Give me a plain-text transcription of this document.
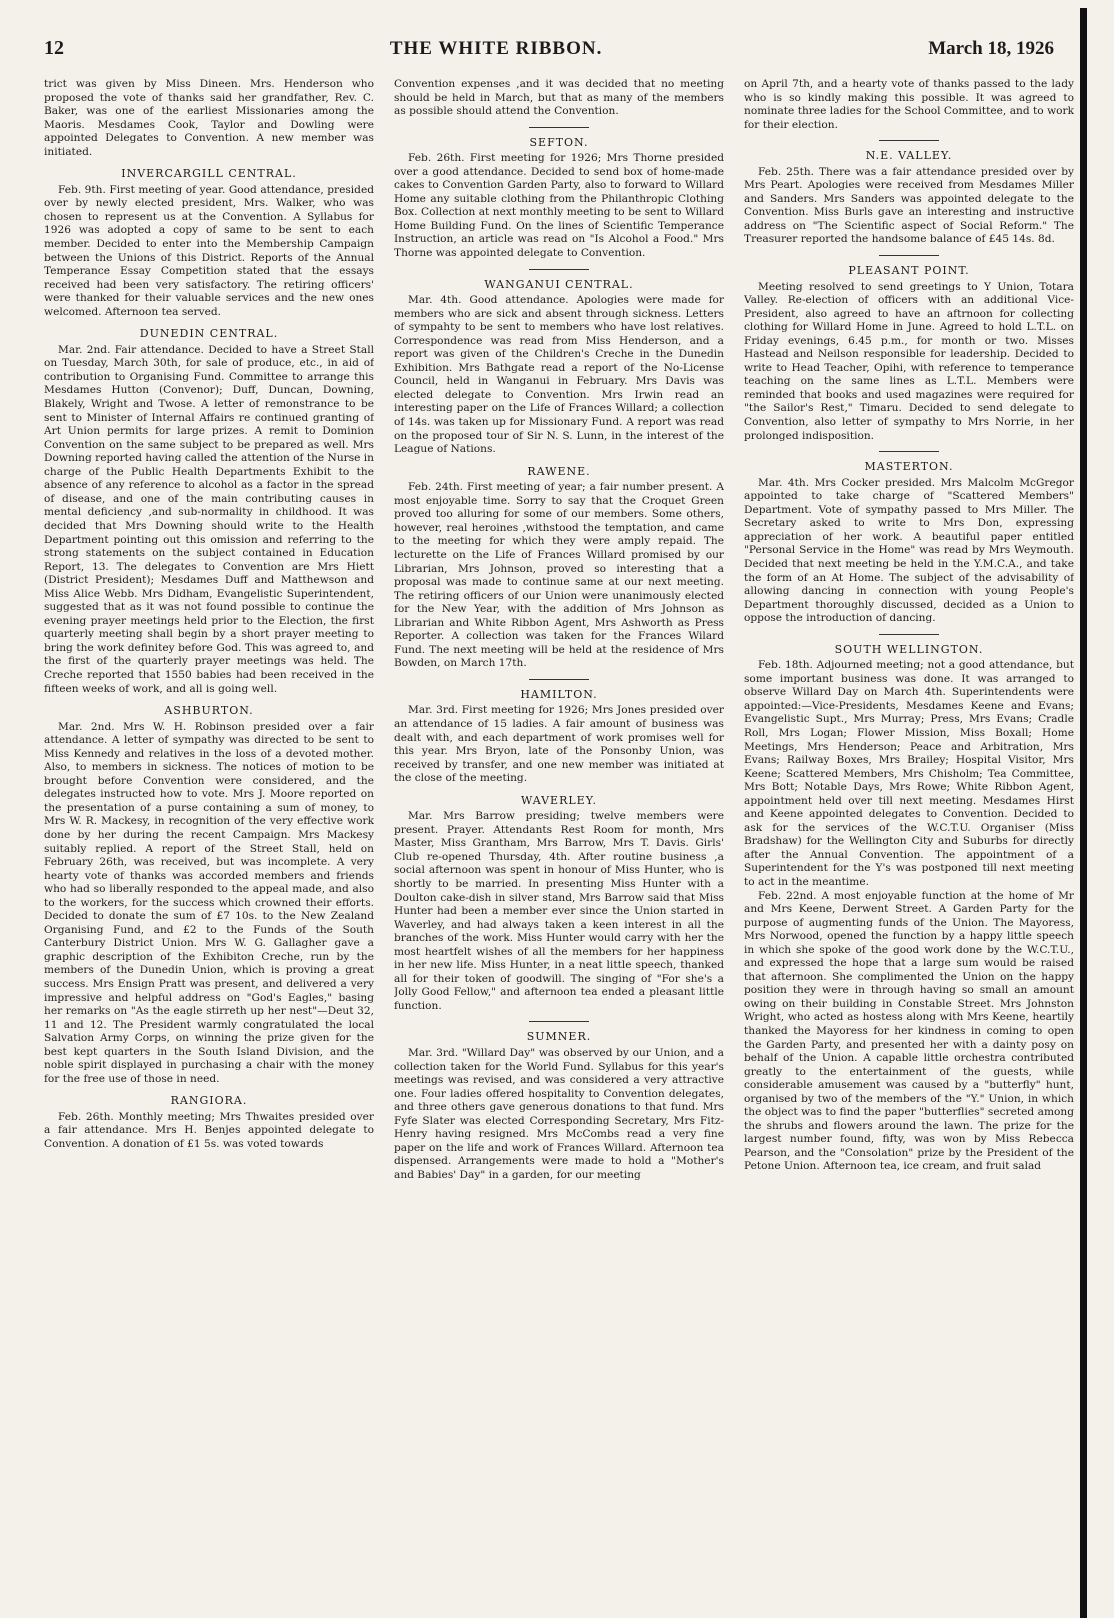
12	THE WHITE RIBBON.	March 18, 1926

trict was given by Miss Dineen. Mrs. Henderson who proposed the vote of thanks said her grandfather, Rev. C. Baker, was one of the earliest Missionaries among the Maoris. Mesdames Cook, Taylor and Dowling were appointed Delegates to Convention. A new member was initiated.

INVERCARGILL CENTRAL.

Feb. 9th. First meeting of year. Good attendance, presided over by newly elected president, Mrs. Walker, who was chosen to represent us at the Convention. A Syllabus for 1926 was adopted a copy of same to be sent to each member. Decided to enter into the Membership Campaign between the Unions of this District. Reports of the Annual Temperance Essay Competition stated that the essays received had been very satisfactory. The retiring officers' were thanked for their valuable services and the new ones welcomed. Afternoon tea served.

DUNEDIN CENTRAL.

Mar. 2nd. Fair attendance. Decided to have a Street Stall on Tuesday, March 30th, for sale of produce, etc., in aid of contribution to Organising Fund. Committee to arrange this Mesdames Hutton (Convenor); Duff, Duncan, Downing, Blakely, Wright and Twose. A letter of remonstrance to be sent to Minister of Internal Affairs re continued granting of Art Union permits for large prizes. A remit to Dominion Convention on the same subject to be prepared as well. Mrs Downing reported having called the attention of the Nurse in charge of the Public Health Departments Exhibit to the absence of any reference to alcohol as a factor in the spread of disease, and one of the main contributing causes in mental deficiency ,and sub-normality in childhood. It was decided that Mrs Downing should write to the Health Department pointing out this omission and referring to the strong statements on the subject contained in Education Report, 13. The delegates to Convention are Mrs Hiett (District President); Mesdames Duff and Matthewson and Miss Alice Webb. Mrs Didham, Evangelistic Superintendent, suggested that as it was not found possible to continue the evening prayer meetings held prior to the Election, the first quarterly meeting shall begin by a short prayer meeting to bring the work definitey before God. This was agreed to, and the first of the quarterly prayer meetings was held. The Creche reported that 1550 babies had been received in the fifteen weeks of work, and all is going well.

ASHBURTON.

Mar. 2nd. Mrs W. H. Robinson presided over a fair attendance. A letter of sympathy was directed to be sent to Miss Kennedy and relatives in the loss of a devoted mother. Also, to members in sickness. The notices of motion to be brought before Convention were considered, and the delegates instructed how to vote. Mrs J. Moore reported on the presentation of a purse containing a sum of money, to Mrs W. R. Mackesy, in recognition of the very effective work done by her during the recent Campaign. Mrs Mackesy suitably replied. A report of the Street Stall, held on February 26th, was received, but was incomplete. A very hearty vote of thanks was accorded members and friends who had so liberally responded to the appeal made, and also to the workers, for the success which crowned their efforts. Decided to donate the sum of £7 10s. to the New Zealand Organising Fund, and £2 to the Funds of the South Canterbury District Union. Mrs W. G. Gallagher gave a graphic description of the Exhibiton Creche, run by the members of the Dunedin Union, which is proving a great success. Mrs Ensign Pratt was present, and delivered a very impressive and helpful address on "God's Eagles," basing her remarks on "As the eagle stirreth up her nest"—Deut 32, 11 and 12. The President warmly congratulated the local Salvation Army Corps, on winning the prize given for the best kept quarters in the South Island Division, and the noble spirit displayed in purchasing a chair with the money for the free use of those in need.

RANGIORA.

Feb. 26th. Monthly meeting; Mrs Thwaites presided over a fair attendance. Mrs H. Benjes appointed delegate to Convention. A donation of £1 5s. was voted towards

Convention expenses ,and it was decided that no meeting should be held in March, but that as many of the members as possible should attend the Convention.

SEFTON.

Feb. 26th. First meeting for 1926; Mrs Thorne presided over a good attendance. Decided to send box of home-made cakes to Convention Garden Party, also to forward to Willard Home any suitable clothing from the Philanthropic Clothing Box. Collection at next monthly meeting to be sent to Willard Home Building Fund. On the lines of Scientific Temperance Instruction, an article was read on "Is Alcohol a Food." Mrs Thorne was appointed delegate to Convention.

WANGANUI CENTRAL.

Mar. 4th. Good attendance. Apologies were made for members who are sick and absent through sickness. Letters of sympahty to be sent to members who have lost relatives. Correspondence was read from Miss Henderson, and a report was given of the Children's Creche in the Dunedin Exhibition. Mrs Bathgate read a report of the No-License Council, held in Wanganui in February. Mrs Davis was elected delegate to Convention. Mrs Irwin read an interesting paper on the Life of Frances Willard; a collection of 14s. was taken up for Missionary Fund. A report was read on the proposed tour of Sir N. S. Lunn, in the interest of the League of Nations.

RAWENE.

Feb. 24th. First meeting of year; a fair number present. A most enjoyable time. Sorry to say that the Croquet Green proved too alluring for some of our members. Some others, however, real heroines ,withstood the temptation, and came to the meeting for which they were amply repaid. The lecturette on the Life of Frances Willard promised by our Librarian, Mrs Johnson, proved so interesting that a proposal was made to continue same at our next meeting. The retiring officers of our Union were unanimously elected for the New Year, with the addition of Mrs Johnson as Librarian and White Ribbon Agent, Mrs Ashworth as Press Reporter. A collection was taken for the Frances Wilard Fund. The next meeting will be held at the residence of Mrs Bowden, on March 17th.

HAMILTON.

Mar. 3rd. First meeting for 1926; Mrs Jones presided over an attendance of 15 ladies. A fair amount of business was dealt with, and each department of work promises well for this year. Mrs Bryon, late of the Ponsonby Union, was received by transfer, and one new member was initiated at the close of the meeting.

WAVERLEY.

Mar. Mrs Barrow presiding; twelve members were present. Prayer. Attendants Rest Room for month, Mrs Master, Miss Grantham, Mrs Barrow, Mrs T. Davis. Girls' Club re-opened Thursday, 4th. After routine business ,a social afternoon was spent in honour of Miss Hunter, who is shortly to be married. In presenting Miss Hunter with a Doulton cake-dish in silver stand, Mrs Barrow said that Miss Hunter had been a member ever since the Union started in Waverley, and had always taken a keen interest in all the branches of the work. Miss Hunter would carry with her the most heartfelt wishes of all the members for her happiness in her new life. Miss Hunter, in a neat little speech, thanked all for their token of goodwill. The singing of "For she's a Jolly Good Fellow," and afternoon tea ended a pleasant little function.

SUMNER.

Mar. 3rd. "Willard Day" was observed by our Union, and a collection taken for the World Fund. Syllabus for this year's meetings was revised, and was considered a very attractive one. Four ladies offered hospitality to Convention delegates, and three others gave generous donations to that fund. Mrs Fyfe Slater was elected Corresponding Secretary, Mrs Fitz-Henry having resigned. Mrs McCombs read a very fine paper on the life and work of Frances Willard. Afternoon tea dispensed. Arrangements were made to hold a "Mother's and Babies' Day" in a garden, for our meeting

on April 7th, and a hearty vote of thanks passed to the lady who is so kindly making this possible. It was agreed to nominate three ladies for the School Committee, and to work for their election.

N.E. VALLEY.

Feb. 25th. There was a fair attendance presided over by Mrs Peart. Apologies were received from Mesdames Miller and Sanders. Mrs Sanders was appointed delegate to the Convention. Miss Burls gave an interesting and instructive address on "The Scientific aspect of Social Reform." The Treasurer reported the handsome balance of £45 14s. 8d.

PLEASANT POINT.

Meeting resolved to send greetings to Y Union, Totara Valley. Re-election of officers with an additional Vice-President, also agreed to have an aftrnoon for collecting clothing for Willard Home in June. Agreed to hold L.T.L. on Friday evenings, 6.45 p.m., for month or two. Misses Hastead and Neilson responsible for leadership. Decided to write to Head Teacher, Opihi, with reference to temperance teaching on the same lines as L.T.L. Members were reminded that books and used magazines were required for "the Sailor's Rest," Timaru. Decided to send delegate to Convention, also letter of sympathy to Mrs Norrie, in her prolonged indisposition.

MASTERTON.

Mar. 4th. Mrs Cocker presided. Mrs Malcolm McGregor appointed to take charge of "Scattered Members" Department. Vote of sympathy passed to Mrs Miller. The Secretary asked to write to Mrs Don, expressing appreciation of her work. A beautiful paper entitled "Personal Service in the Home" was read by Mrs Weymouth. Decided that next meeting be held in the Y.M.C.A., and take the form of an At Home. The subject of the advisability of allowing dancing in connection with young People's Department thoroughly discussed, decided as a Union to oppose the introduction of dancing.

SOUTH WELLINGTON.

Feb. 18th. Adjourned meeting; not a good attendance, but some important business was done. It was arranged to observe Willard Day on March 4th. Superintendents were appointed:—Vice-Presidents, Mesdames Keene and Evans; Evangelistic Supt., Mrs Murray; Press, Mrs Evans; Cradle Roll, Mrs Logan; Flower Mission, Miss Boxall; Home Meetings, Mrs Henderson; Peace and Arbitration, Mrs Evans; Railway Boxes, Mrs Brailey; Hospital Visitor, Mrs Keene; Scattered Members, Mrs Chisholm; Tea Committee, Mrs Bott; Notable Days, Mrs Rowe; White Ribbon Agent, appointment held over till next meeting. Mesdames Hirst and Keene appointed delegates to Convention. Decided to ask for the services of the W.C.T.U. Organiser (Miss Bradshaw) for the Wellington City and Suburbs for directly after the Annual Convention. The appointment of a Superintendent for the Y's was postponed till next meeting to act in the meantime.

Feb. 22nd. A most enjoyable function at the home of Mr and Mrs Keene, Derwent Street. A Garden Party for the purpose of augmenting funds of the Union. The Mayoress, Mrs Norwood, opened the function by a happy little speech in which she spoke of the good work done by the W.C.T.U., and expressed the hope that a large sum would be raised that afternoon. She complimented the Union on the happy position they were in through having so small an amount owing on their building in Constable Street. Mrs Johnston Wright, who acted as hostess along with Mrs Keene, heartily thanked the Mayoress for her kindness in coming to open the Garden Party, and presented her with a dainty posy on behalf of the Union. A capable little orchestra contributed greatly to the entertainment of the guests, while considerable amusement was caused by a "butterfly" hunt, organised by two of the members of the "Y." Union, in which the object was to find the paper "butterflies" secreted among the shrubs and flowers around the lawn. The prize for the largest number found, fifty, was won by Miss Rebecca Pearson, and the "Consolation" prize by the President of the Petone Union. Afternoon tea, ice cream, and fruit salad
